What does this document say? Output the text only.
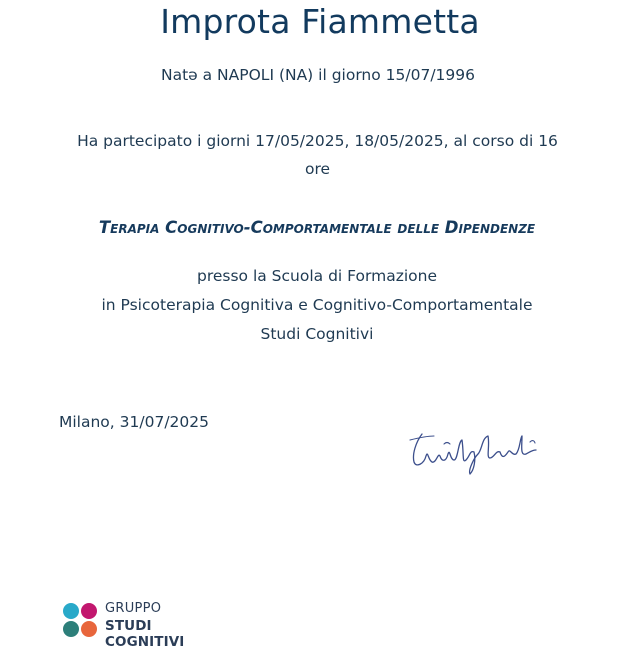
Improta Fiammetta
Natə a NAPOLI (NA) il giorno 15/07/1996
Ha partecipato i giorni 17/05/2025, 18/05/2025, al corso di 16
ore
Terapia Cognitivo-Comportamentale delle Dipendenze
presso la Scuola di Formazione
in Psicoterapia Cognitiva e Cognitivo-Comportamentale
Studi Cognitivi
Milano, 31/07/2025
GRUPPO
STUDI COGNITIVI
